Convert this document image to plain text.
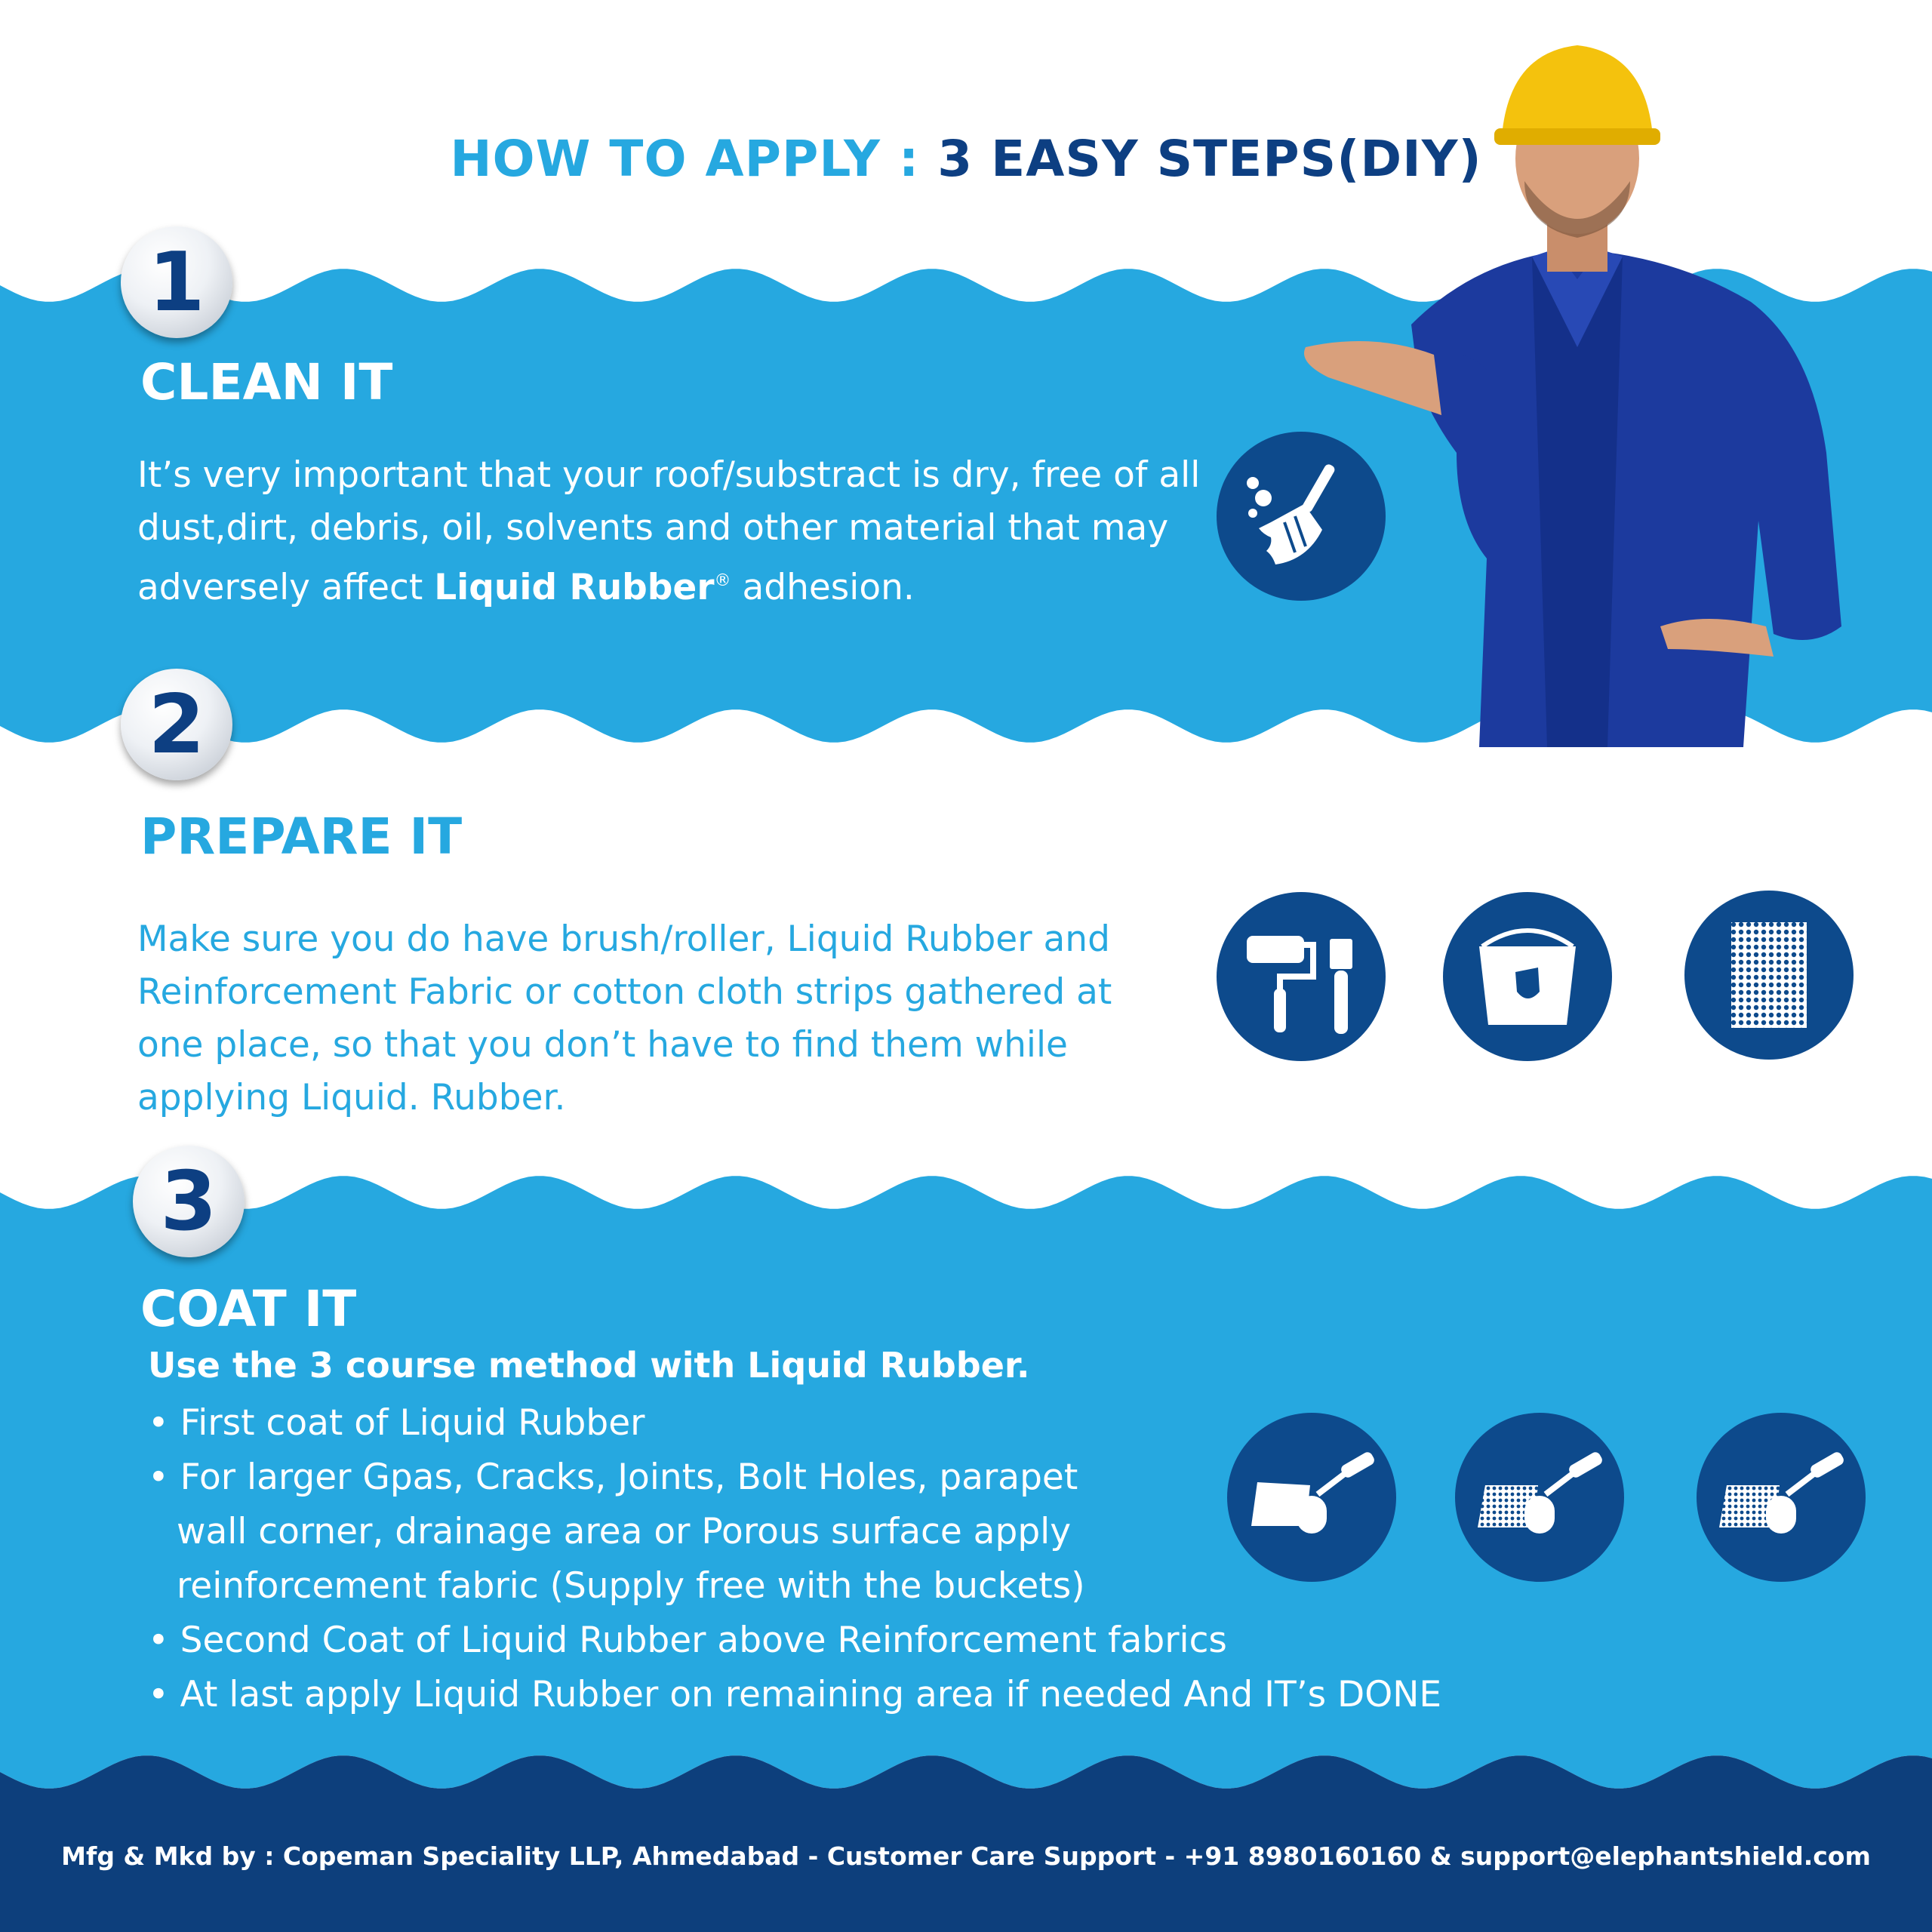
HOW TO APPLY : 3 EASY STEPS(DIY)
1
CLEAN IT
It’s very important that your roof/substract is dry, free of all dust,dirt, debris, oil, solvents and other material that may adversely affect Liquid Rubber® adhesion.
2
PREPARE IT
Make sure you do have brush/roller, Liquid Rubber and Reinforcement Fabric or cotton cloth strips gathered at one place, so that you don’t have to find them while applying Liquid. Rubber.
3
COAT IT
Use the 3 course method with Liquid Rubber.
• First coat of Liquid Rubber
• For larger Gpas, Cracks, Joints, Bolt Holes, parapet
wall corner, drainage area or Porous surface apply
reinforcement fabric (Supply free with the buckets)
• Second Coat of Liquid Rubber above Reinforcement fabrics
• At last apply Liquid Rubber on remaining area if needed And IT’s DONE
Mfg & Mkd by : Copeman Speciality LLP, Ahmedabad - Customer Care Support - +91 8980160160 & support@elephantshield.com
